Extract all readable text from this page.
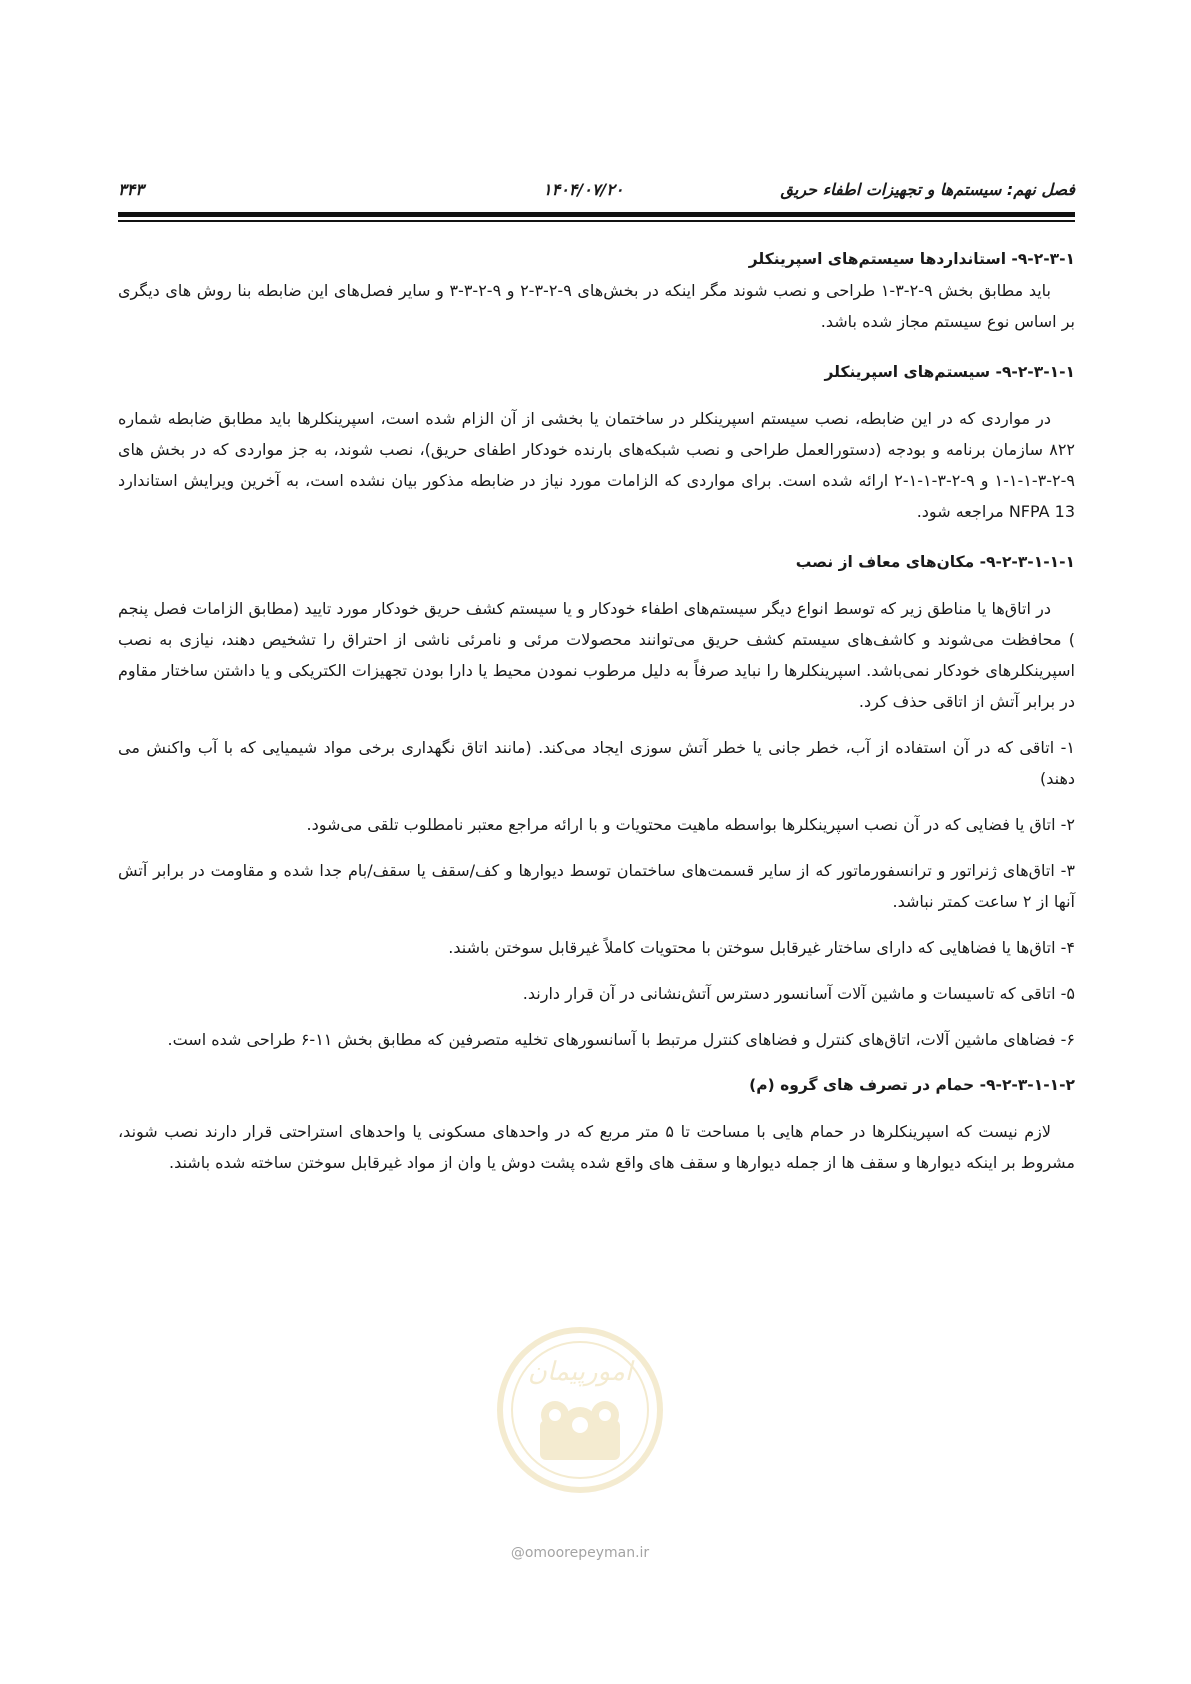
فصل نهم: سیستم‌ها و تجهیزات اطفاء حریق
۱۴۰۴/۰۷/۲۰
۳۴۳

۹-۲-۳-۱- استانداردها سیستم‌های اسپرینکلر

باید مطابق بخش ۹-۲-۳-۱ طراحی و نصب شوند مگر اینکه در بخش‌های ۹-۲-۳-۲ و ۹-۲-۳-۳ و سایر فصل‌های این ضابطه بنا روش های دیگری بر اساس نوع سیستم مجاز شده باشد.

۹-۲-۳-۱-۱- سیستم‌های اسپرینکلر

در مواردی که در این ضابطه، نصب سیستم اسپرینکلر در ساختمان یا بخشی از آن الزام شده است، اسپرینکلرها باید مطابق ضابطه شماره ۸۲۲ سازمان برنامه و بودجه (دستورالعمل طراحی و نصب شبکه‌های بارنده خودکار اطفای حریق)، نصب شوند، به جز مواردی که در بخش های ۹-۲-۳-۱-۱-۱ و ۹-۲-۳-۱-۱-۲ ارائه شده است. برای مواردی که الزامات مورد نیاز در ضابطه مذکور بیان نشده است، به آخرین ویرایش استاندارد NFPA 13 مراجعه شود.

۹-۲-۳-۱-۱-۱- مکان‌های معاف از نصب

در اتاق‌ها یا مناطق زیر که توسط انواع دیگر سیستم‌های اطفاء خودکار و یا سیستم کشف حریق خودکار مورد تایید (مطابق الزامات فصل پنجم ) محافظت می‌شوند و کاشف‌های سیستم کشف حریق می‌توانند محصولات مرئی و نامرئی ناشی از احتراق را تشخیص دهند، نیازی به نصب اسپرینکلرهای خودکار نمی‌باشد. اسپرینکلرها را نباید صرفاً به دلیل مرطوب نمودن محیط یا دارا بودن تجهیزات الکتریکی و یا داشتن ساختار مقاوم در برابر آتش از اتاقی حذف کرد.

۱- اتاقی که در آن استفاده از آب، خطر جانی یا خطر آتش سوزی ایجاد می‌کند. (مانند اتاق نگهداری برخی مواد شیمیایی که با آب واکنش می دهند)

۲- اتاق یا فضایی که در آن نصب اسپرینکلرها بواسطه ماهیت محتویات و با ارائه مراجع معتبر نامطلوب تلقی می‌شود.

۳- اتاق‌های ژنراتور و ترانسفورماتور که از سایر قسمت‌های ساختمان توسط دیوارها و کف/سقف یا سقف/بام جدا شده و مقاومت در برابر آتش آنها از ۲ ساعت کمتر نباشد.

۴- اتاق‌ها یا فضاهایی که دارای ساختار غیرقابل سوختن با محتویات کاملاً غیرقابل سوختن باشند.

۵- اتاقی که تاسیسات و ماشین آلات آسانسور دسترس آتش‌نشانی در آن قرار دارند.

۶- فضاهای ماشین آلات، اتاق‌های کنترل و فضاهای کنترل مرتبط با آسانسورهای تخلیه متصرفین که مطابق بخش ۱۱-۶ طراحی شده است.

۹-۲-۳-۱-۱-۲- حمام در تصرف های گروه (م)

لازم نیست که اسپرینکلرها در حمام هایی با مساحت تا ۵ متر مربع که در واحدهای مسکونی یا واحدهای استراحتی قرار دارند نصب شوند، مشروط بر اینکه دیوارها و سقف ها از جمله دیوارها و سقف های واقع شده پشت دوش یا وان از مواد غیرقابل سوختن ساخته شده باشند.

امورپیمان
@omoorepeyman.ir
